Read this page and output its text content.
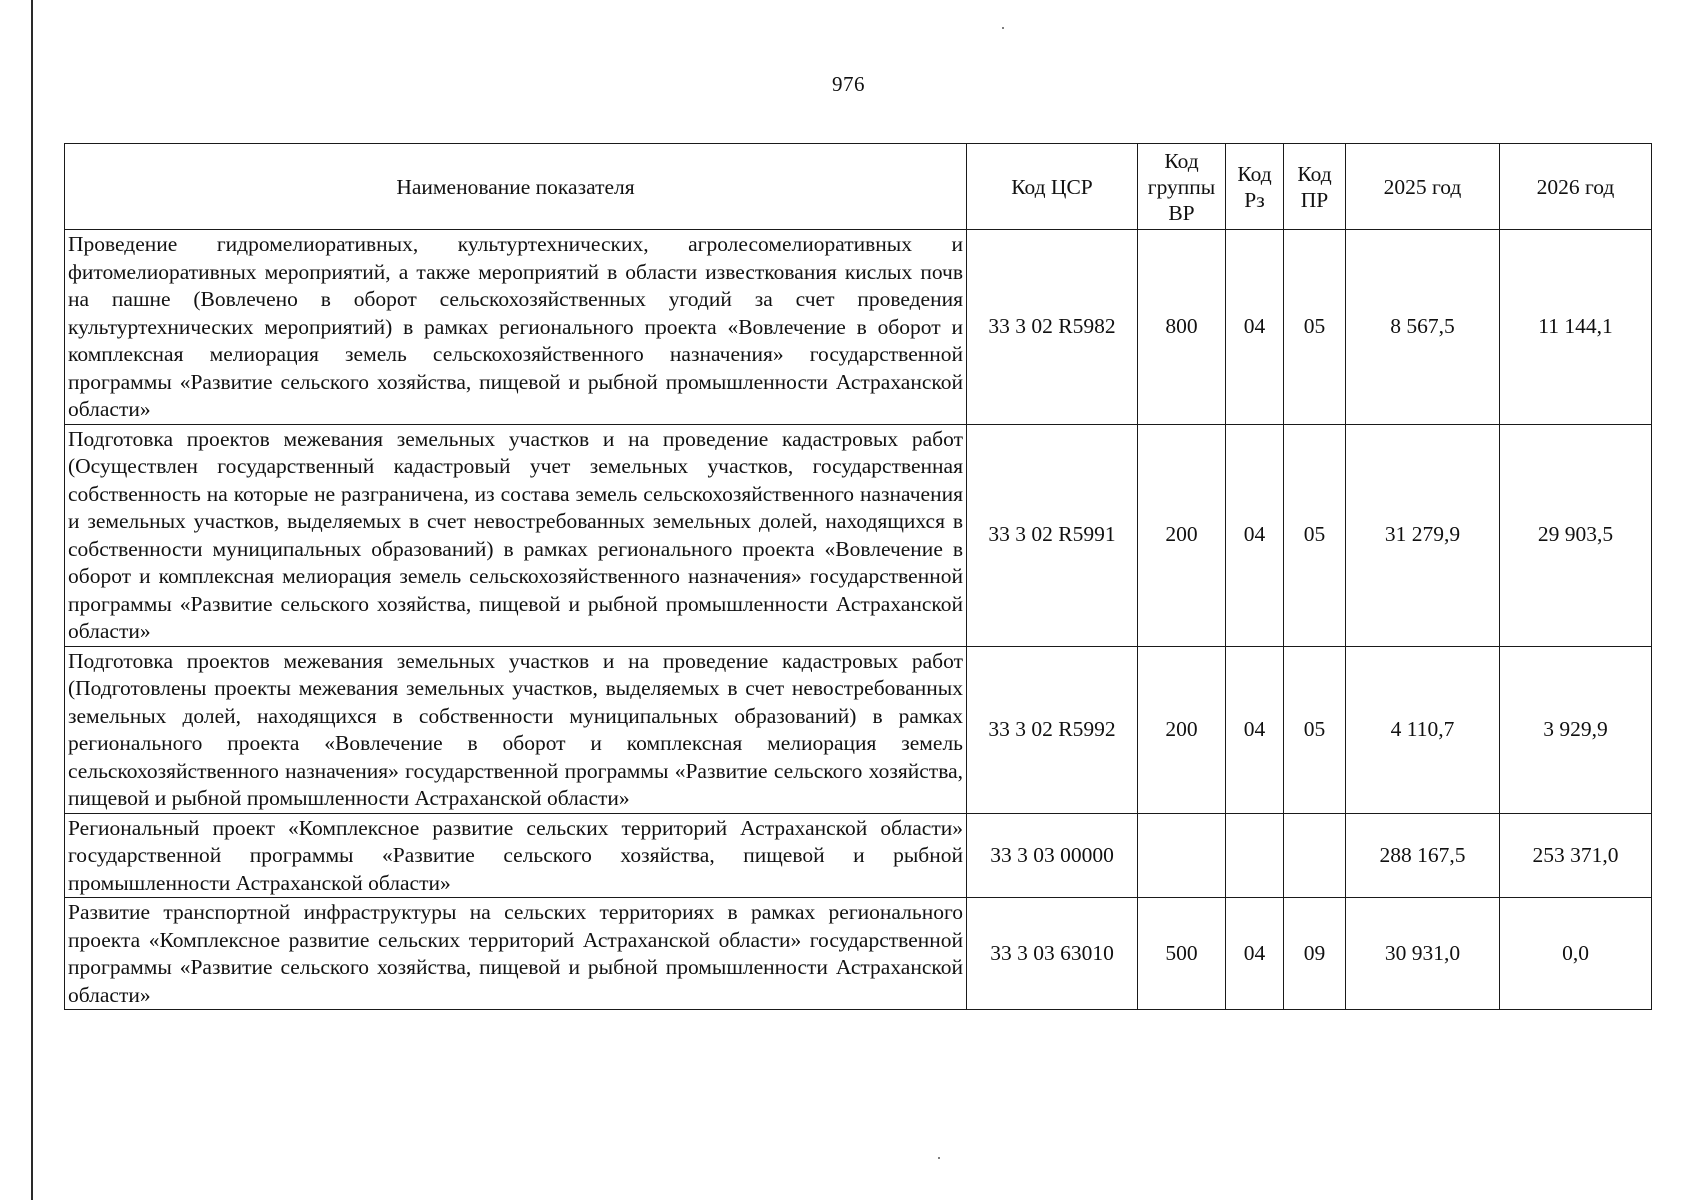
976
Наименование показателя	Код ЦСР	Код группы ВР	Код Рз	Код ПР	2025 год	2026 год
Проведение гидромелиоративных, культуртехнических, агролесомелиоративных и фитомелиоративных мероприятий, а также мероприятий в области известкования кислых почв на пашне (Вовлечено в оборот сельскохозяйственных угодий за счет проведения культуртехнических мероприятий) в рамках регионального проекта «Вовлечение в оборот и комплексная мелиорация земель сельскохозяйственного назначения» государственной программы «Развитие сельского хозяйства, пищевой и рыбной промышленности Астраханской области»	33 3 02 R5982	800	04	05	8 567,5	11 144,1
Подготовка проектов межевания земельных участков и на проведение кадастровых работ (Осуществлен государственный кадастровый учет земельных участков, государственная собственность на которые не разграничена, из состава земель сельскохозяйственного назначения и земельных участков, выделяемых в счет невостребованных земельных долей, находящихся в собственности муниципальных образований) в рамках регионального проекта «Вовлечение в оборот и комплексная мелиорация земель сельскохозяйственного назначения» государственной программы «Развитие сельского хозяйства, пищевой и рыбной промышленности Астраханской области»	33 3 02 R5991	200	04	05	31 279,9	29 903,5
Подготовка проектов межевания земельных участков и на проведение кадастровых работ (Подготовлены проекты межевания земельных участков, выделяемых в счет невостребованных земельных долей, находящихся в собственности муниципальных образований) в рамках регионального проекта «Вовлечение в оборот и комплексная мелиорация земель сельскохозяйственного назначения» государственной программы «Развитие сельского хозяйства, пищевой и рыбной промышленности Астраханской области»	33 3 02 R5992	200	04	05	4 110,7	3 929,9
Региональный проект «Комплексное развитие сельских территорий Астраханской области» государственной программы «Развитие сельского хозяйства, пищевой и рыбной промышленности Астраханской области»	33 3 03 00000				288 167,5	253 371,0
Развитие транспортной инфраструктуры на сельских территориях в рамках регионального проекта «Комплексное развитие сельских территорий Астраханской области» государственной программы «Развитие сельского хозяйства, пищевой и рыбной промышленности Астраханской области»	33 3 03 63010	500	04	09	30 931,0	0,0
